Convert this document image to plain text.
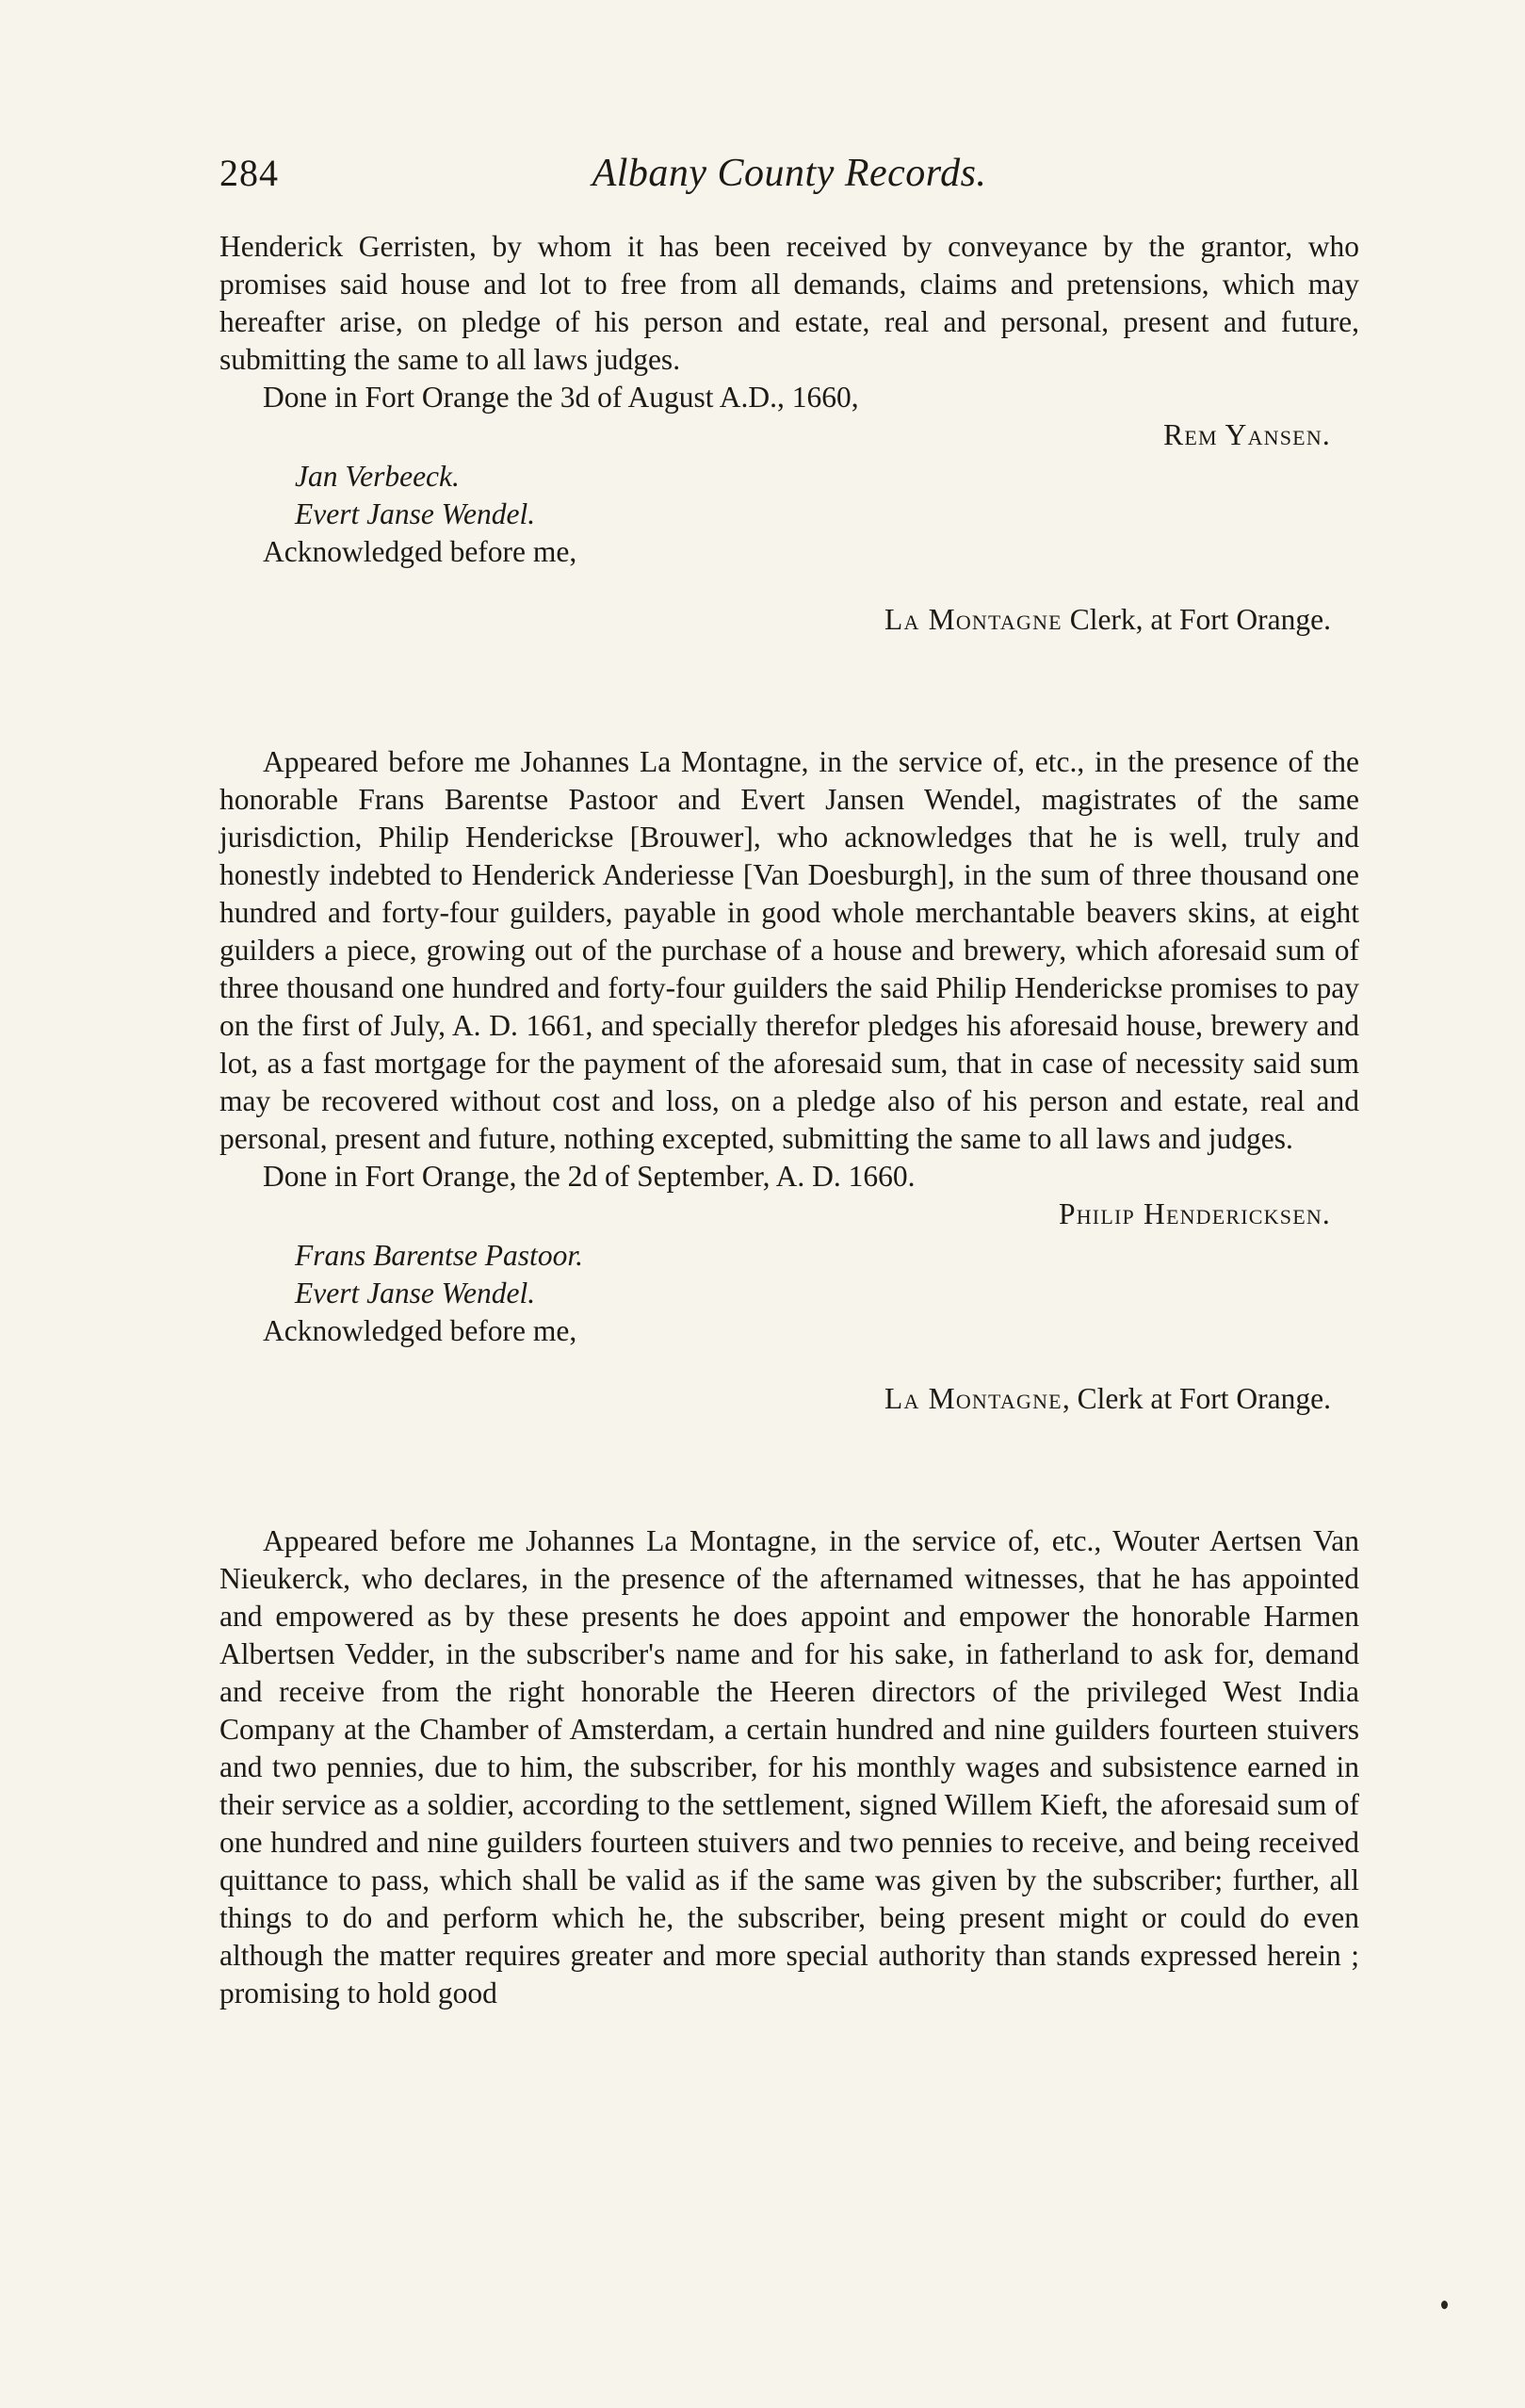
284	Albany County Records.

Henderick Gerristen, by whom it has been received by conveyance by the grantor, who promises said house and lot to free from all demands, claims and pretensions, which may hereafter arise, on pledge of his person and estate, real and personal, present and future, submitting the same to all laws judges.

Done in Fort Orange the 3d of August A.D., 1660,

Rem Yansen.

Jan Verbeeck.
Evert Janse Wendel.

Acknowledged before me,

La Montagne Clerk, at Fort Orange.

Appeared before me Johannes La Montagne, in the service of, etc., in the presence of the honorable Frans Barentse Pastoor and Evert Jansen Wendel, magistrates of the same jurisdiction, Philip Hendericksе [Brouwer], who acknowledges that he is well, truly and honestly indebted to Henderick Anderiesse [Van Doesburgh], in the sum of three thousand one hundred and forty-four guilders, payable in good whole merchantable beavers skins, at eight guilders a piece, growing out of the purchase of a house and brewery, which aforesaid sum of three thousand one hundred and forty-four guilders the said Philip Henderickse promises to pay on the first of July, A. D. 1661, and specially therefor pledges his aforesaid house, brewery and lot, as a fast mortgage for the payment of the aforesaid sum, that in case of necessity said sum may be recovered without cost and loss, on a pledge also of his person and estate, real and personal, present and future, nothing excepted, submitting the same to all laws and judges.

Done in Fort Orange, the 2d of September, A. D. 1660.

Philip Hendericksen.

Frans Barentse Pastoor.
Evert Janse Wendel.

Acknowledged before me,

La Montagne, Clerk at Fort Orange.

Appeared before me Johannes La Montagne, in the service of, etc., Wouter Aertsen Van Nieukerck, who declares, in the presence of the afternamed witnesses, that he has appointed and empowered as by these presents he does appoint and empower the honorable Harmen Albertsen Vedder, in the subscriber's name and for his sake, in fatherland to ask for, demand and receive from the right honorable the Heeren directors of the privileged West India Company at the Chamber of Amsterdam, a certain hundred and nine guilders fourteen stuivers and two pennies, due to him, the subscriber, for his monthly wages and subsistence earned in their service as a soldier, according to the settlement, signed Willem Kieft, the aforesaid sum of one hundred and nine guilders fourteen stuivers and two pennies to receive, and being received quittance to pass, which shall be valid as if the same was given by the subscriber; further, all things to do and perform which he, the subscriber, being present might or could do even although the matter requires greater and more special authority than stands expressed herein ; promising to hold good
